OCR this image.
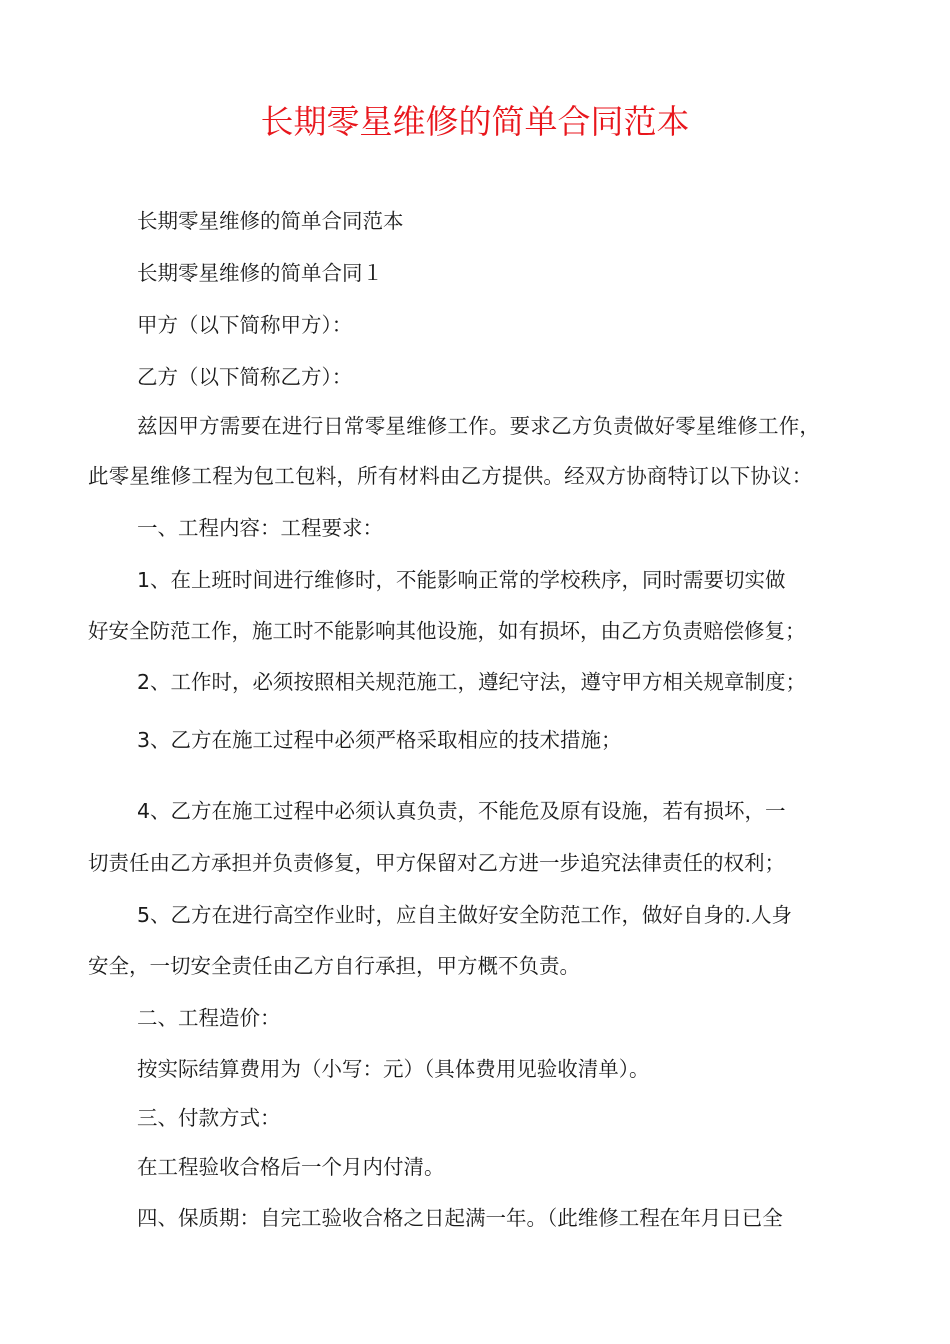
长期零星维修的简单合同范本

长期零星维修的简单合同范本

长期零星维修的简单合同１

甲方（以下简称甲方）：

乙方（以下简称乙方）：

兹因甲方需要在进行日常零星维修工作。要求乙方负责做好零星维修工作，

此零星维修工程为包工包料，所有材料由乙方提供。经双方协商特订以下协议：

一、工程内容：工程要求：

1、在上班时间进行维修时，不能影响正常的学校秩序，同时需要切实做

好安全防范工作，施工时不能影响其他设施，如有损坏，由乙方负责赔偿修复；

2、工作时，必须按照相关规范施工，遵纪守法，遵守甲方相关规章制度；

3、乙方在施工过程中必须严格采取相应的技术措施；

4、乙方在施工过程中必须认真负责，不能危及原有设施，若有损坏，一

切责任由乙方承担并负责修复，甲方保留对乙方进一步追究法律责任的权利；

5、乙方在进行高空作业时，应自主做好安全防范工作，做好自身的.人身

安全，一切安全责任由乙方自行承担，甲方概不负责。

二、工程造价：

按实际结算费用为（小写：元）（具体费用见验收清单）。

三、付款方式：

在工程验收合格后一个月内付清。

四、保质期：自完工验收合格之日起满一年。（此维修工程在年月日已全
